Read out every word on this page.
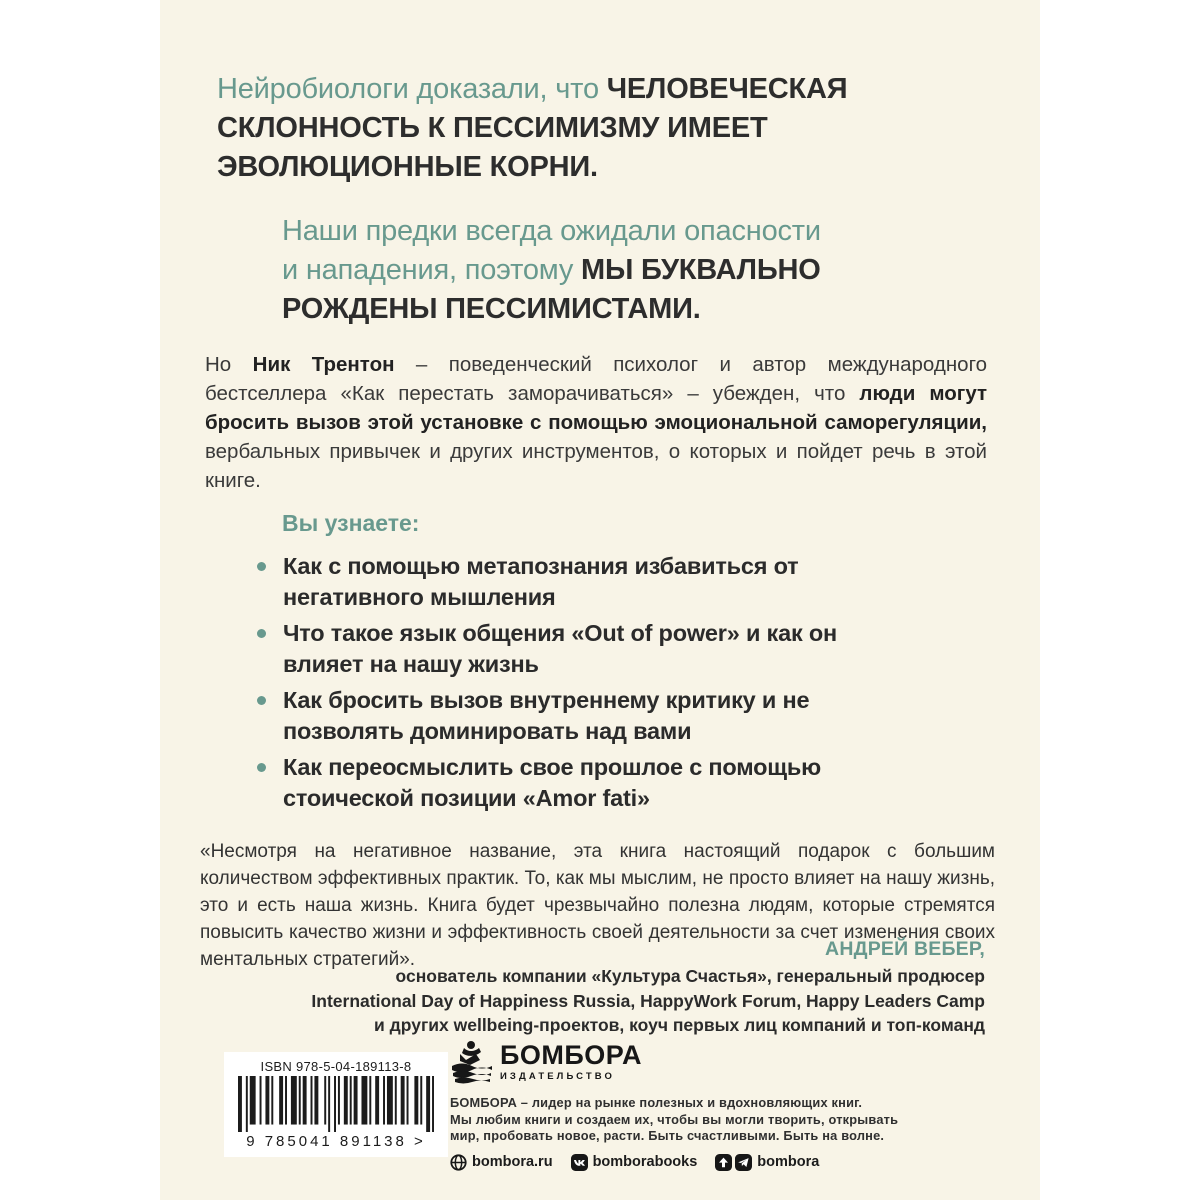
Нейробиологи доказали, что ЧЕЛОВЕЧЕСКАЯ
СКЛОННОСТЬ К ПЕССИМИЗМУ ИМЕЕТ
ЭВОЛЮЦИОННЫЕ КОРНИ.
Наши предки всегда ожидали опасности
и нападения, поэтому МЫ БУКВАЛЬНО
РОЖДЕНЫ ПЕССИМИСТАМИ.

Но Ник Трентон – поведенческий психолог и автор международного бестселлера «Как перестать заморачиваться» – убежден, что люди могут бросить вызов этой установке с помощью эмоциональной саморегуляции, вербальных привычек и других инструментов, о которых и пойдет речь в этой книге.

Вы узнаете:
Как с помощью метапознания избавиться от негативного мышления
Что такое язык общения «Out of power» и как он влияет на нашу жизнь
Как бросить вызов внутреннему критику и не позволять доминировать над вами
Как переосмыслить свое прошлое с помощью стоической позиции «Amor fati»

«Несмотря на негативное название, эта книга настоящий подарок с большим количеством эффективных практик. То, как мы мыслим, не просто влияет на нашу жизнь, это и есть наша жизнь. Книга будет чрезвычайно полезна людям, которые стремятся повысить качество жизни и эффективность своей деятельности за счет изменения своих ментальных стратегий».	АНДРЕЙ ВЕБЕР,
основатель компании «Культура Счастья», генеральный продюсер
International Day of Happiness Russia, HappyWork Forum, Happy Leaders Camp
и других wellbeing-проектов, коуч первых лиц компаний и топ-команд
ISBN 978-5-04-189113-8
9 785041 891138 >
БОМБОРА
ИЗДАТЕЛЬСТВО
БОМБОРА – лидер на рынке полезных и вдохновляющих книг.
Мы любим книги и создаем их, чтобы вы могли творить, открывать
мир, пробовать новое, расти. Быть счастливыми. Быть на волне.
bombora.ru	bomborabooks	bombora
